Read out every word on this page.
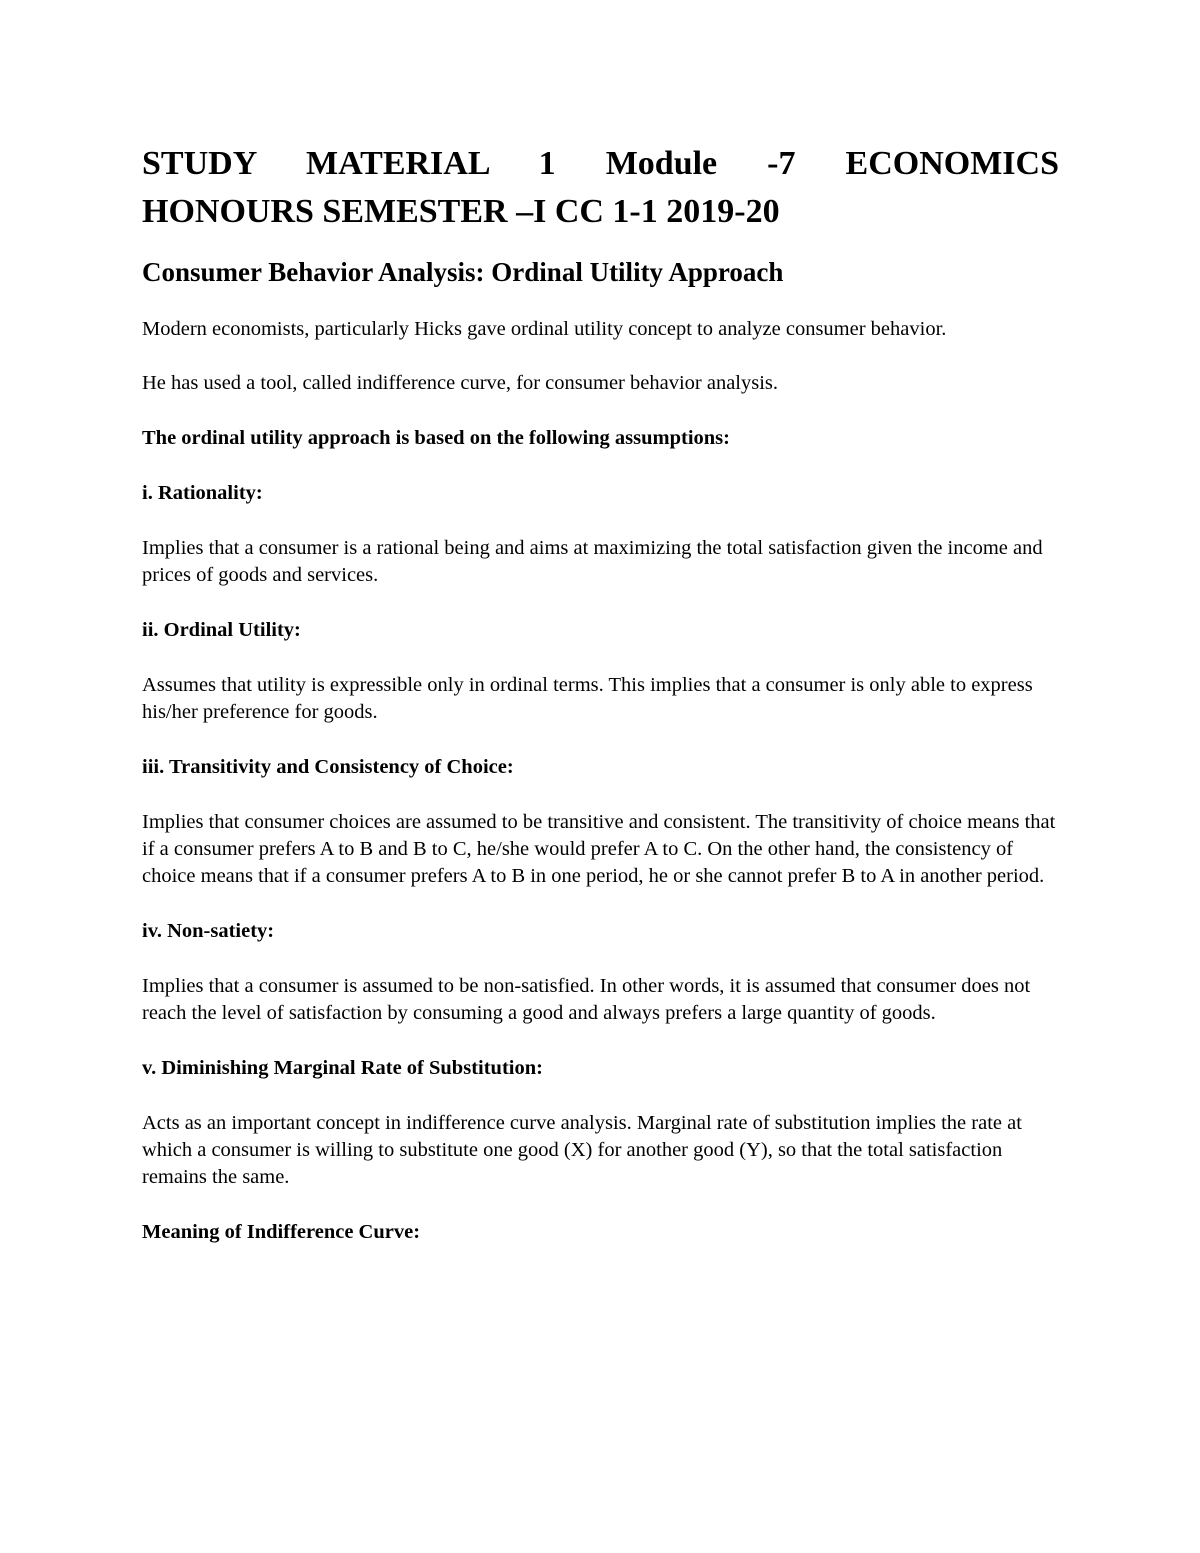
STUDY MATERIAL 1 Module -7 ECONOMICS
HONOURS SEMESTER –I CC 1-1 2019-20
Consumer Behavior Analysis: Ordinal Utility Approach

Modern economists, particularly Hicks gave ordinal utility concept to analyze consumer behavior.

He has used a tool, called indifference curve, for consumer behavior analysis.

The ordinal utility approach is based on the following assumptions:

i. Rationality:

Implies that a consumer is a rational being and aims at maximizing the total satisfaction given the income and prices of goods and services.

ii. Ordinal Utility:

Assumes that utility is expressible only in ordinal terms. This implies that a consumer is only able to express his/her preference for goods.

iii. Transitivity and Consistency of Choice:

Implies that consumer choices are assumed to be transitive and consistent. The transitivity of choice means that if a consumer prefers A to B and B to C, he/she would prefer A to C. On the other hand, the consistency of choice means that if a consumer prefers A to B in one period, he or she cannot prefer B to A in another period.

iv. Non-satiety:

Implies that a consumer is assumed to be non-satisfied. In other words, it is assumed that consumer does not reach the level of satisfaction by consuming a good and always prefers a large quantity of goods.

v. Diminishing Marginal Rate of Substitution:

Acts as an important concept in indifference curve analysis. Marginal rate of substitution implies the rate at which a consumer is willing to substitute one good (X) for another good (Y), so that the total satisfaction remains the same.

Meaning of Indifference Curve:
